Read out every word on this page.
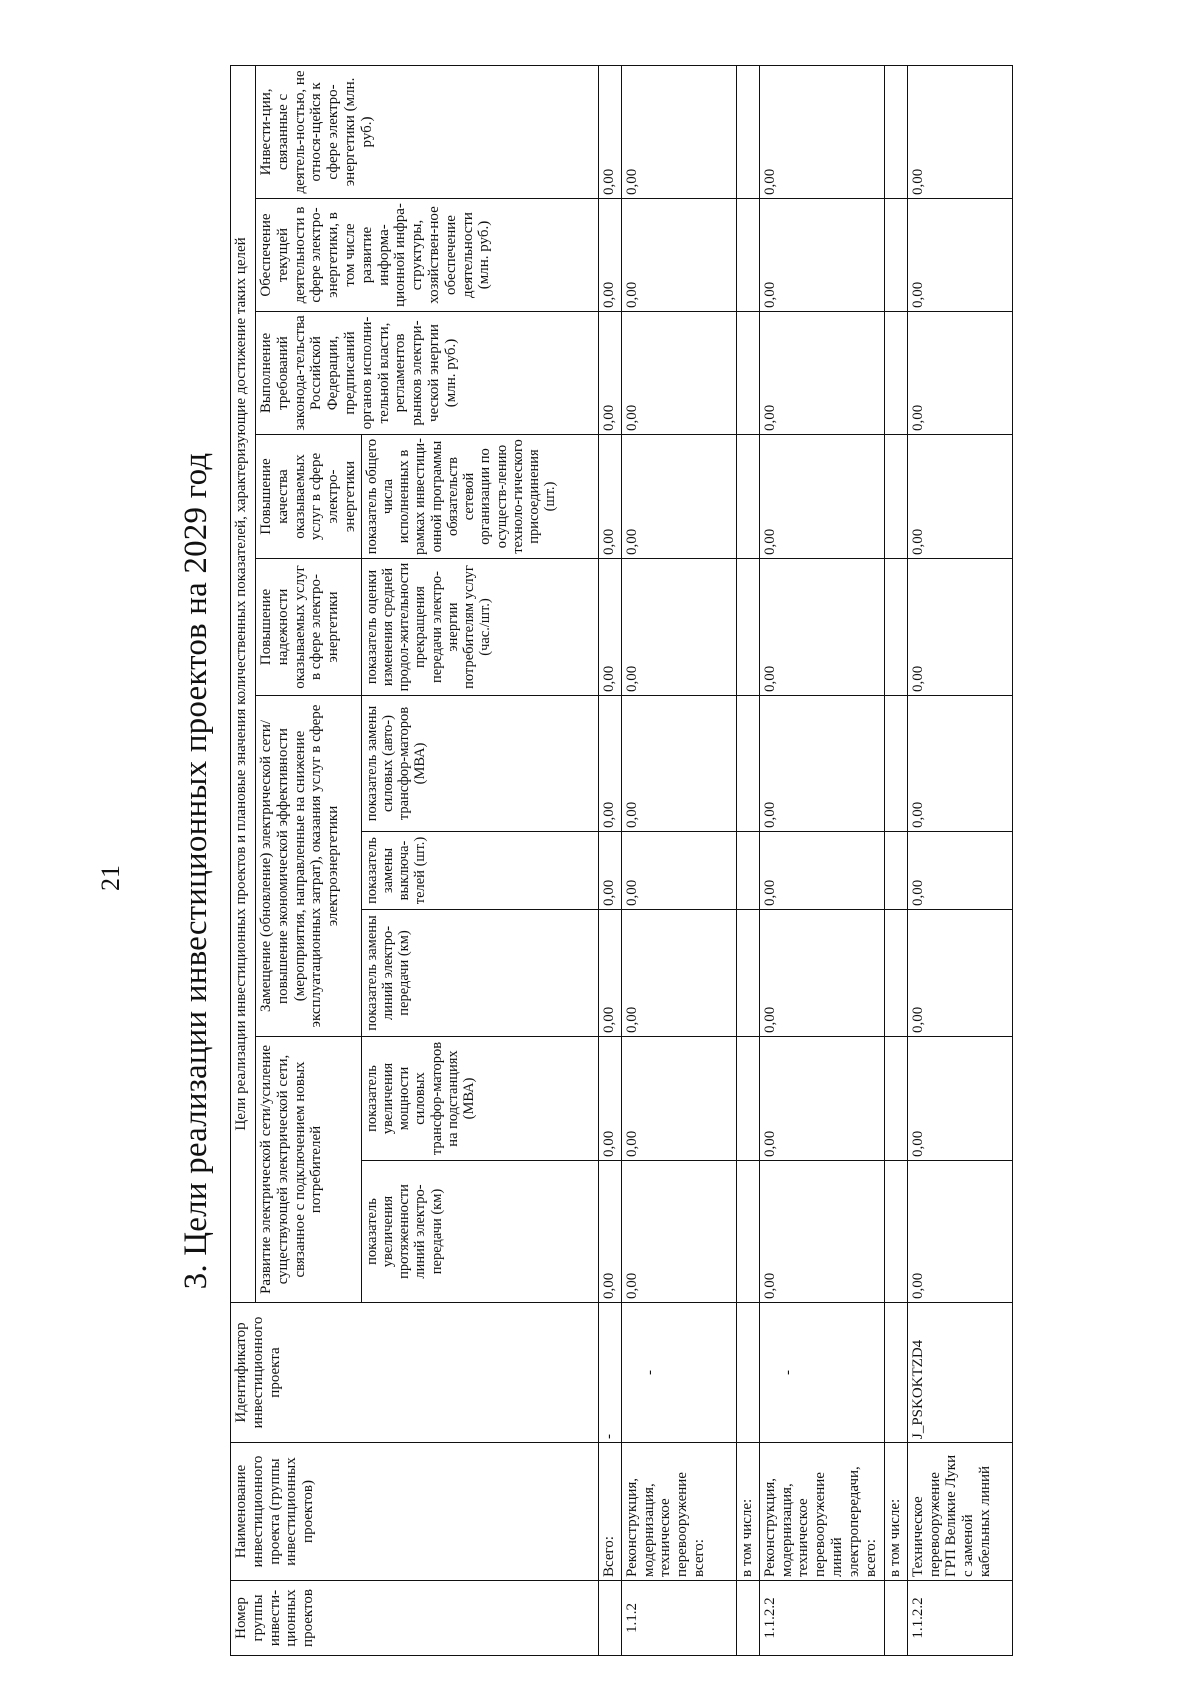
21 3. Цели реализации инвестиционных проектов на 2029 год
Номер группы инвести-ционных проектов	Наименование инвестиционного проекта (группы инвестиционных проектов)	Идентификатор инвестиционного проекта	Цели реализации инвестиционных проектов и плановые значения количественных показателей, характеризующие достижение таких целей									
			Развитие электрической сети/усиление существующей электрической сети, связанное с подключением новых потребителей		Замещение (обновление) электрической сети/повышение экономической эффективности (мероприятия, направленные на снижение эксплуатационных затрат), оказания услуг в сфере электроэнергетики			Повышение надежности оказываемых услуг в сфере электро-энергетики	Повышение качества оказываемых услуг в сфере электро-энергетики	Выполнение требований законода-тельства Российской Федерации, предписаний органов исполни-тельной власти, регламентов рынков электри-ческой энергии (млн. руб.)	Обеспечение текущей деятельности в сфере электро-энергетики, в том числе развитие информа-ционной инфра-структуры, хозяйствен-ное обеспечение деятельности (млн. руб.)	Инвести-ции, связанные с деятель-ностью, не относя-щейся к сфере электро-энергетики (млн. руб.)
			показатель увеличения протяженности линий электро-передачи (км)	показатель увеличения мощности силовых трансфор-маторов на подстанциях (МВА)	показатель замены линий электро-передачи (км)	показатель замены выключа-телей (шт.)	показатель замены силовых (авто-) трансфор-маторов (МВА)	показатель оценки изменения средней продол-жительности прекращения передачи электро-энергии потребителям услуг (час./шт.)	показатель общего числа исполненных в рамках инвестици-онной программы обязательств сетевой организации по осуществ-лению техноло-гического присоединения (шт.)			
	Всего:	-	0,00	0,00	0,00	0,00	0,00	0,00	0,00	0,00	0,00	0,00
1.1.2	Реконструкция, модернизация, техническое перевооружение всего:	-	0,00	0,00	0,00	0,00	0,00	0,00	0,00	0,00	0,00	0,00
	в том числе:											
1.1.2.2	Реконструкция, модернизация, техническое перевооружение линий электропередачи, всего:	-	0,00	0,00	0,00	0,00	0,00	0,00	0,00	0,00	0,00	0,00
	в том числе:											
1.1.2.2	Техническое перевооружение ГРП Великие Луки с заменой кабельных линий	J_PSKOKTZD4	0,00	0,00	0,00	0,00	0,00	0,00	0,00	0,00	0,00	0,00
